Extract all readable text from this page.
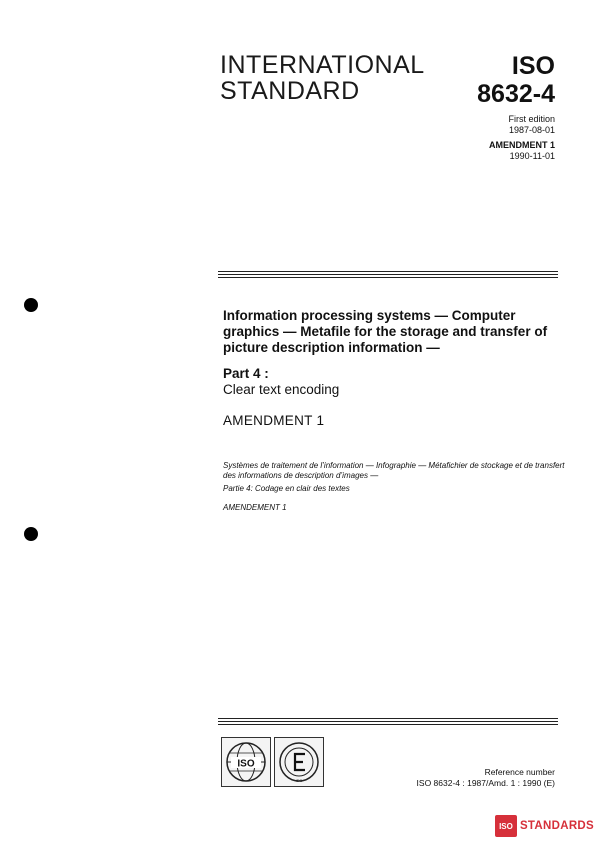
INTERNATIONAL
STANDARD
ISO
8632-4
First edition
1987-08-01
AMENDMENT 1
1990-11-01
Information processing systems — Computer graphics — Metafile for the storage and transfer of picture description information —
Part 4 :
Clear text encoding
AMENDMENT 1
Systèmes de traitement de l’information — Infographie — Métafichier de stockage et de transfert des informations de description d’images —
Partie 4: Codage en clair des textes
AMENDEMENT 1
ISO
IEC
Reference number
ISO 8632-4 : 1987/Amd. 1 : 1990 (E)
ISO STANDARDS
